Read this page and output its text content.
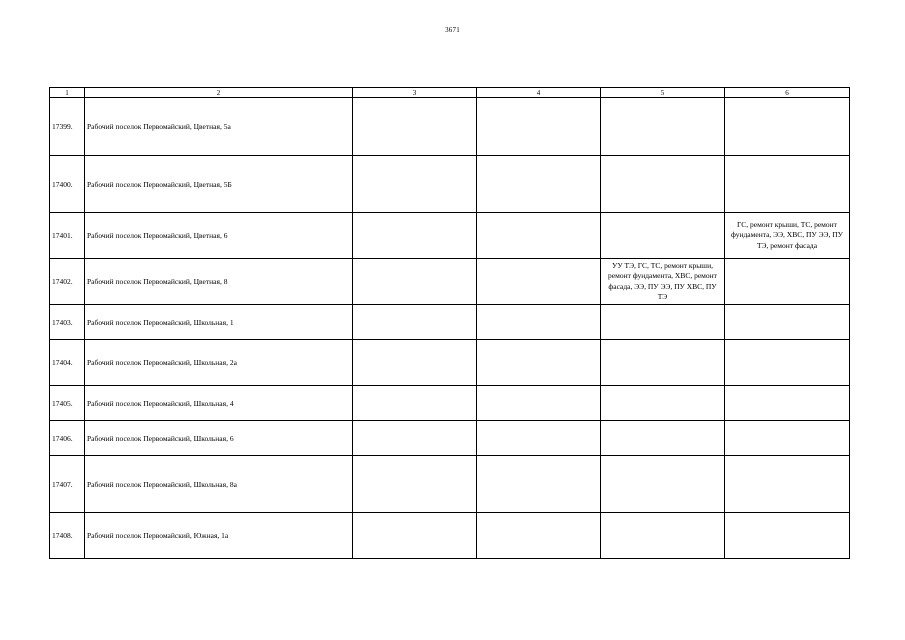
3671
1	2	3	4	5	6
17399.	Рабочий поселок Первомайский, Цветная, 5а				
17400.	Рабочий поселок Первомайский, Цветная, 5Б				
17401.	Рабочий поселок Первомайский, Цветная, 6				ГС, ремонт крыши, ТС, ремонт фундамента, ЭЭ, ХВС, ПУ ЭЭ, ПУ ТЭ, ремонт фасада
17402.	Рабочий поселок Первомайский, Цветная, 8			УУ ТЭ, ГС, ТС, ремонт крыши, ремонт фундамента, ХВС, ремонт фасада, ЭЭ, ПУ ЭЭ, ПУ ХВС, ПУ ТЭ	
17403.	Рабочий поселок Первомайский, Школьная, 1				
17404.	Рабочий поселок Первомайский, Школьная, 2а				
17405.	Рабочий поселок Первомайский, Школьная, 4				
17406.	Рабочий поселок Первомайский, Школьная, 6				
17407.	Рабочий поселок Первомайский, Школьная, 8а				
17408.	Рабочий поселок Первомайский, Южная, 1а				
